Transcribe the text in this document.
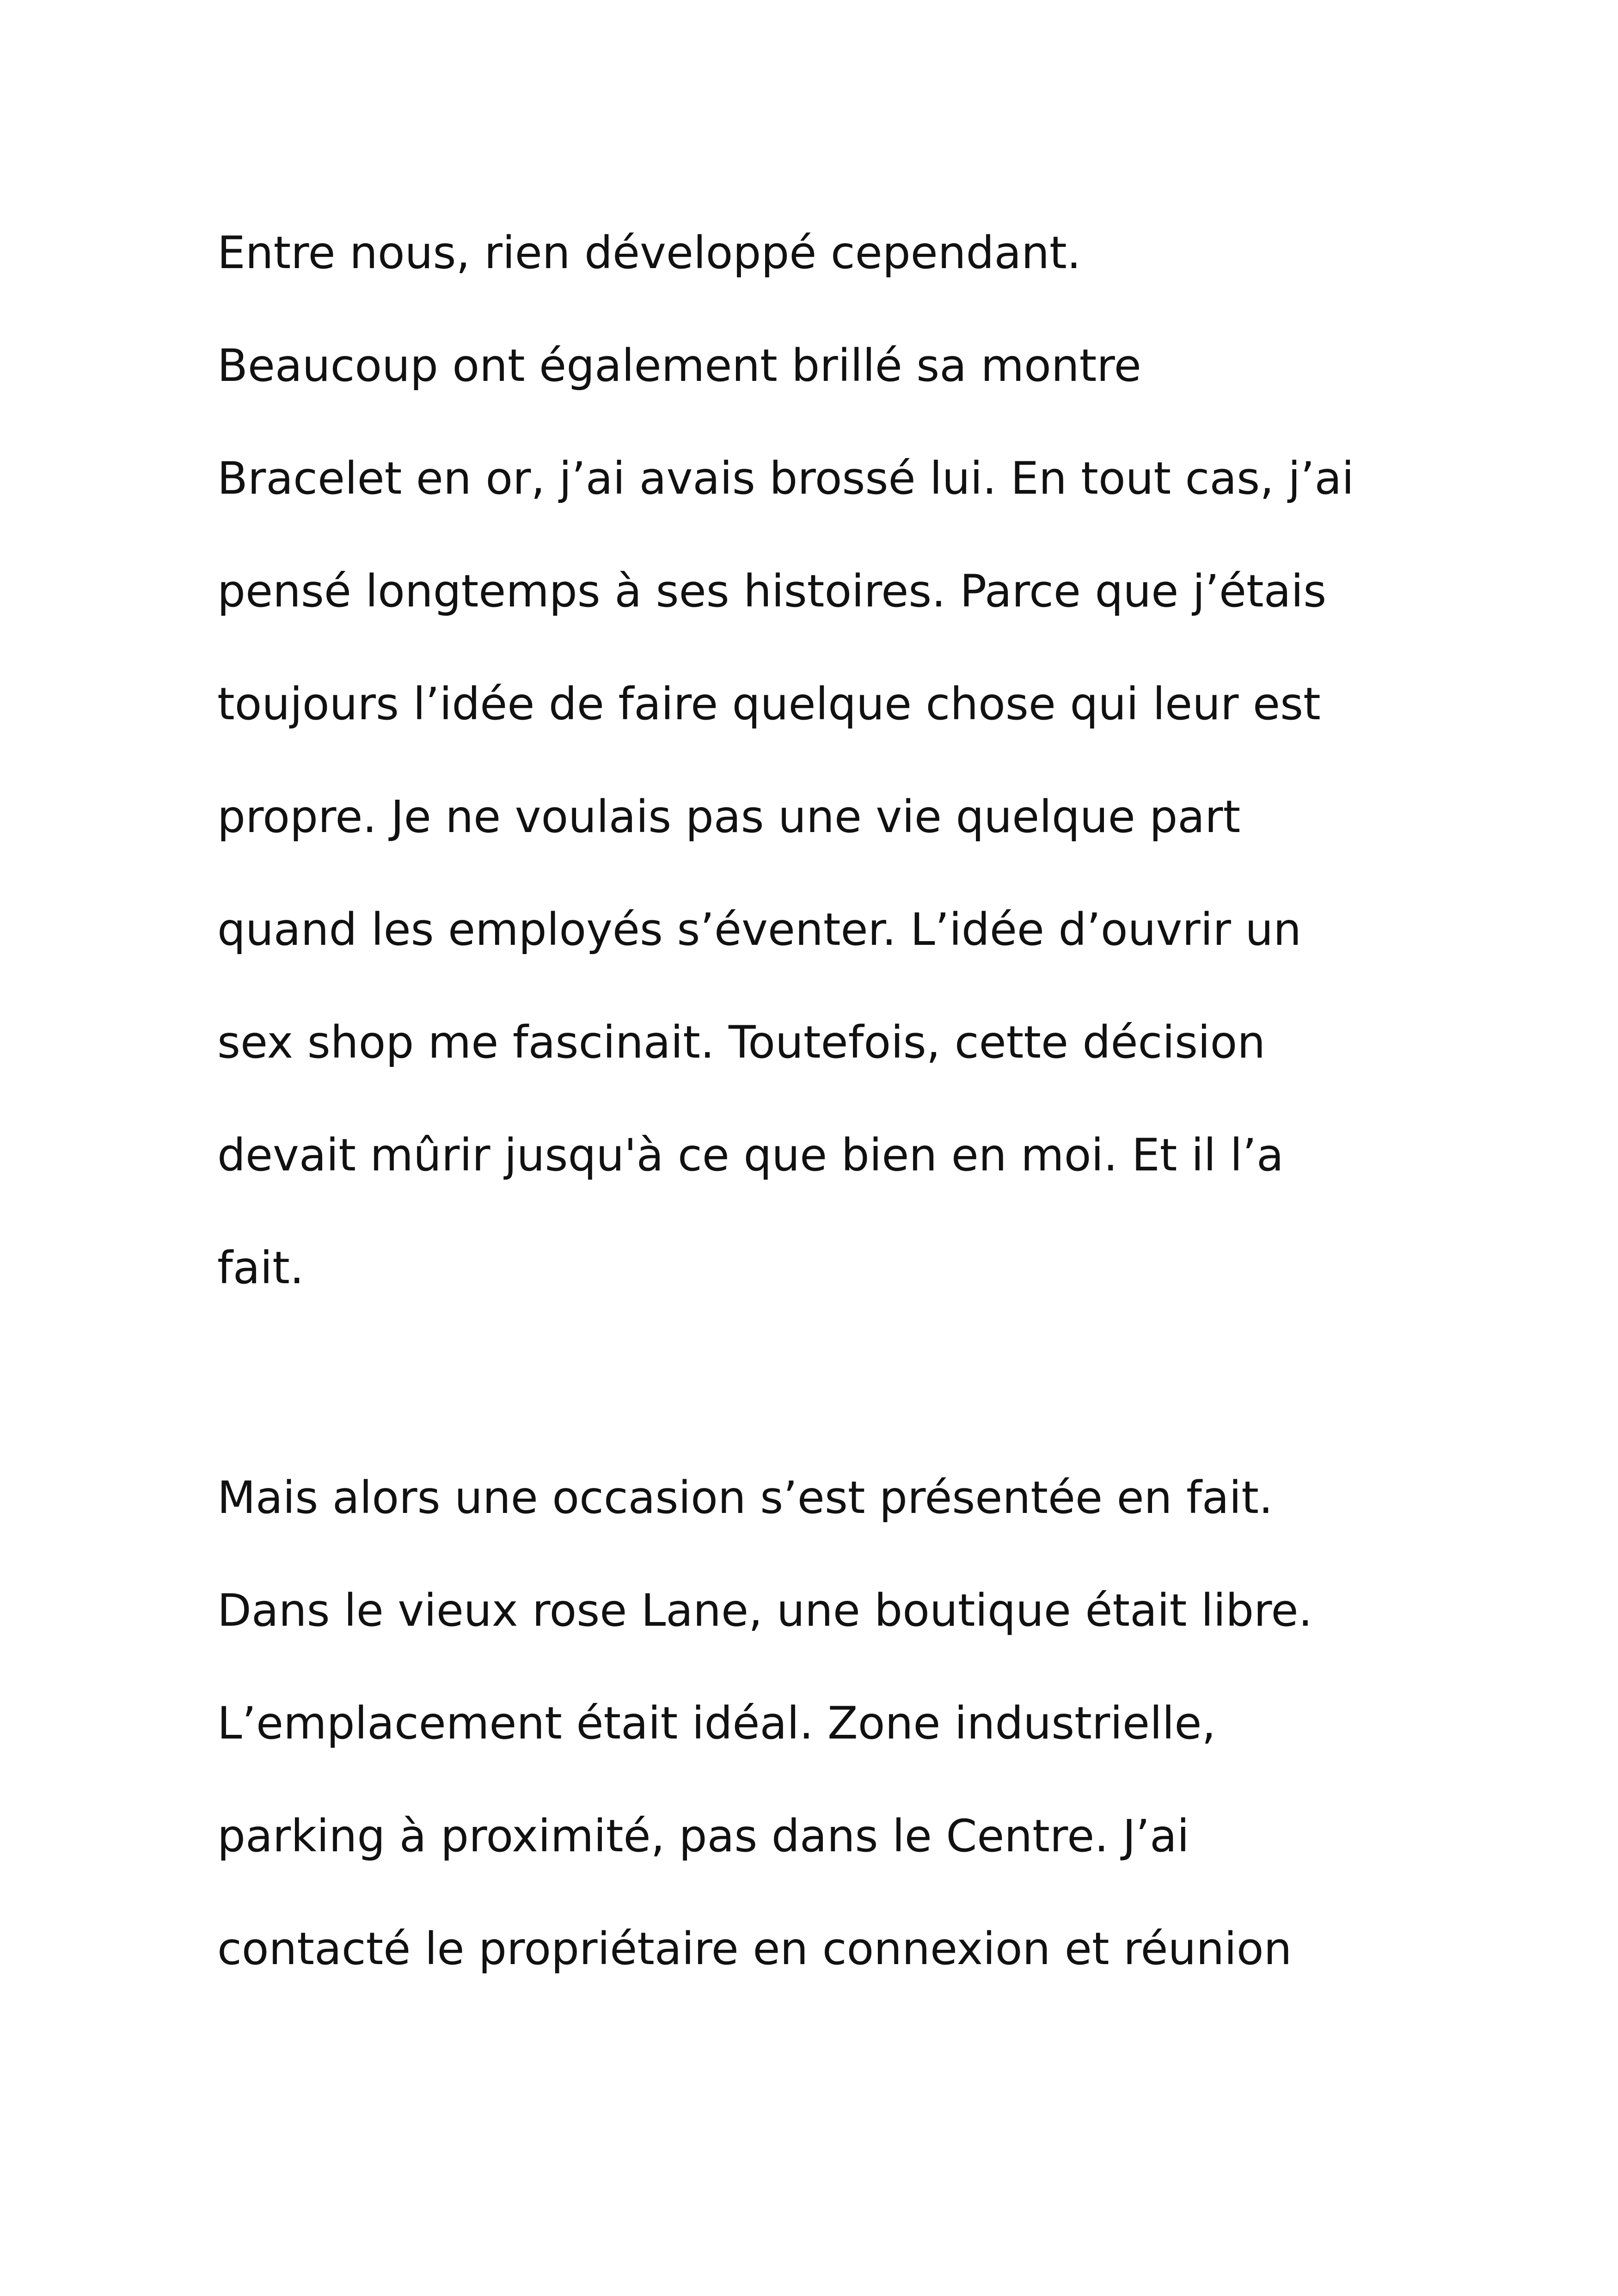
Entre nous, rien développé cependant.
Beaucoup ont également brillé sa montre
Bracelet en or, j’ai avais brossé lui. En tout cas, j’ai
pensé longtemps à ses histoires. Parce que j’étais
toujours l’idée de faire quelque chose qui leur est
propre. Je ne voulais pas une vie quelque part
quand les employés s’éventer. L’idée d’ouvrir un
sex shop me fascinait. Toutefois, cette décision
devait mûrir jusqu'à ce que bien en moi. Et il l’a
fait.
Mais alors une occasion s’est présentée en fait.
Dans le vieux rose Lane, une boutique était libre.
L’emplacement était idéal. Zone industrielle,
parking à proximité, pas dans le Centre. J’ai
contacté le propriétaire en connexion et réunion
